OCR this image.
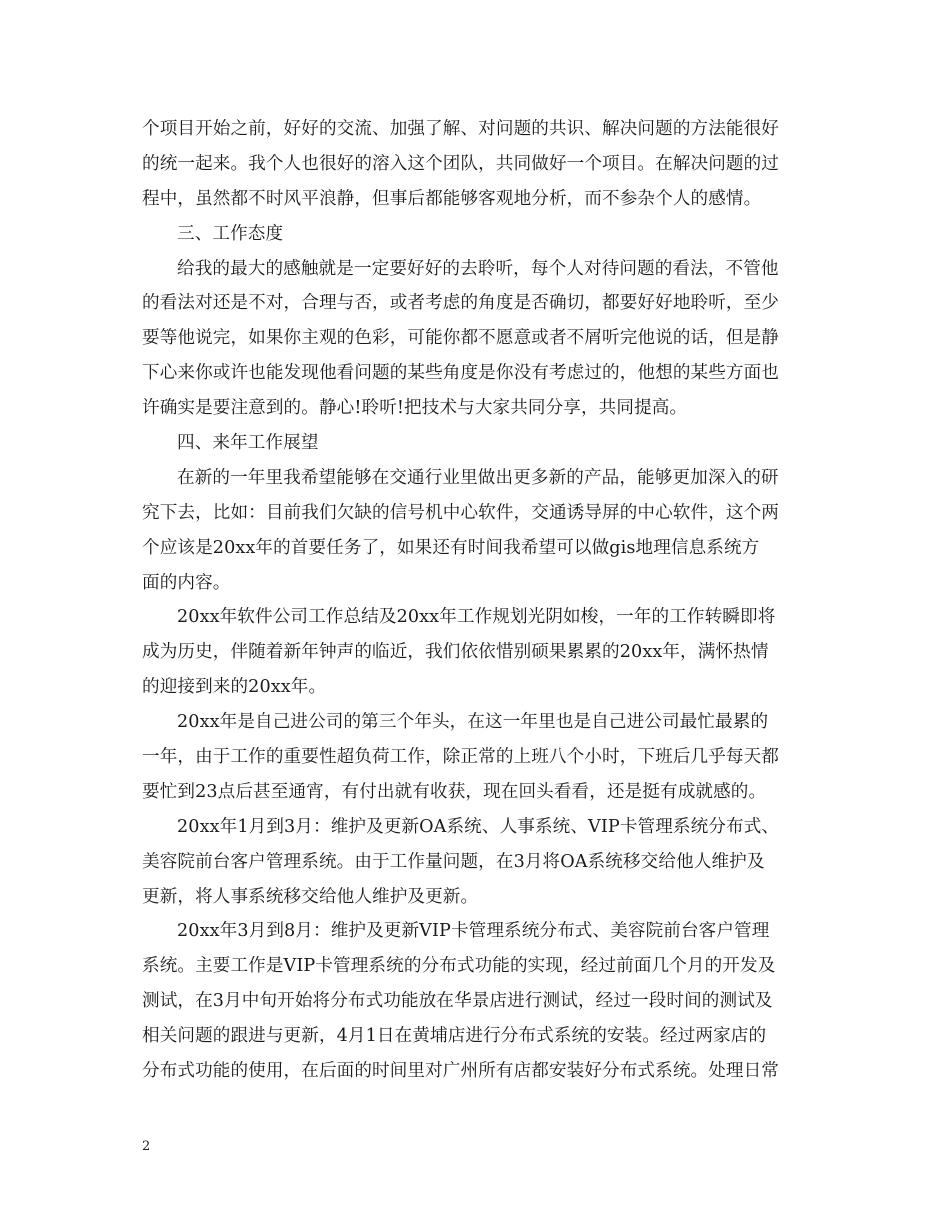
个项目开始之前，好好的交流、加强了解、对问题的共识、解决问题的方法能很好
的统一起来。我个人也很好的溶入这个团队，共同做好一个项目。在解决问题的过
程中，虽然都不时风平浪静，但事后都能够客观地分析，而不参杂个人的感情。
三、工作态度
给我的最大的感触就是一定要好好的去聆听，每个人对待问题的看法，不管他
的看法对还是不对，合理与否，或者考虑的角度是否确切，都要好好地聆听，至少
要等他说完，如果你主观的色彩，可能你都不愿意或者不屑听完他说的话，但是静
下心来你或许也能发现他看问题的某些角度是你没有考虑过的，他想的某些方面也
许确实是要注意到的。静心!聆听!把技术与大家共同分享，共同提高。
四、来年工作展望
在新的一年里我希望能够在交通行业里做出更多新的产品，能够更加深入的研
究下去，比如：目前我们欠缺的信号机中心软件，交通诱导屏的中心软件，这个两
个应该是20xx年的首要任务了，如果还有时间我希望可以做gis地理信息系统方
面的内容。
20xx年软件公司工作总结及20xx年工作规划光阴如梭，一年的工作转瞬即将
成为历史，伴随着新年钟声的临近，我们依依惜别硕果累累的20xx年，满怀热情
的迎接到来的20xx年。
20xx年是自己进公司的第三个年头，在这一年里也是自己进公司最忙最累的
一年，由于工作的重要性超负荷工作，除正常的上班八个小时，下班后几乎每天都
要忙到23点后甚至通宵，有付出就有收获，现在回头看看，还是挺有成就感的。
20xx年1月到3月：维护及更新OA系统、人事系统、VIP卡管理系统分布式、
美容院前台客户管理系统。由于工作量问题，在3月将OA系统移交给他人维护及
更新，将人事系统移交给他人维护及更新。
20xx年3月到8月：维护及更新VIP卡管理系统分布式、美容院前台客户管理
系统。主要工作是VIP卡管理系统的分布式功能的实现，经过前面几个月的开发及
测试，在3月中旬开始将分布式功能放在华景店进行测试，经过一段时间的测试及
相关问题的跟进与更新，4月1日在黄埔店进行分布式系统的安装。经过两家店的
分布式功能的使用，在后面的时间里对广州所有店都安装好分布式系统。处理日常
2
